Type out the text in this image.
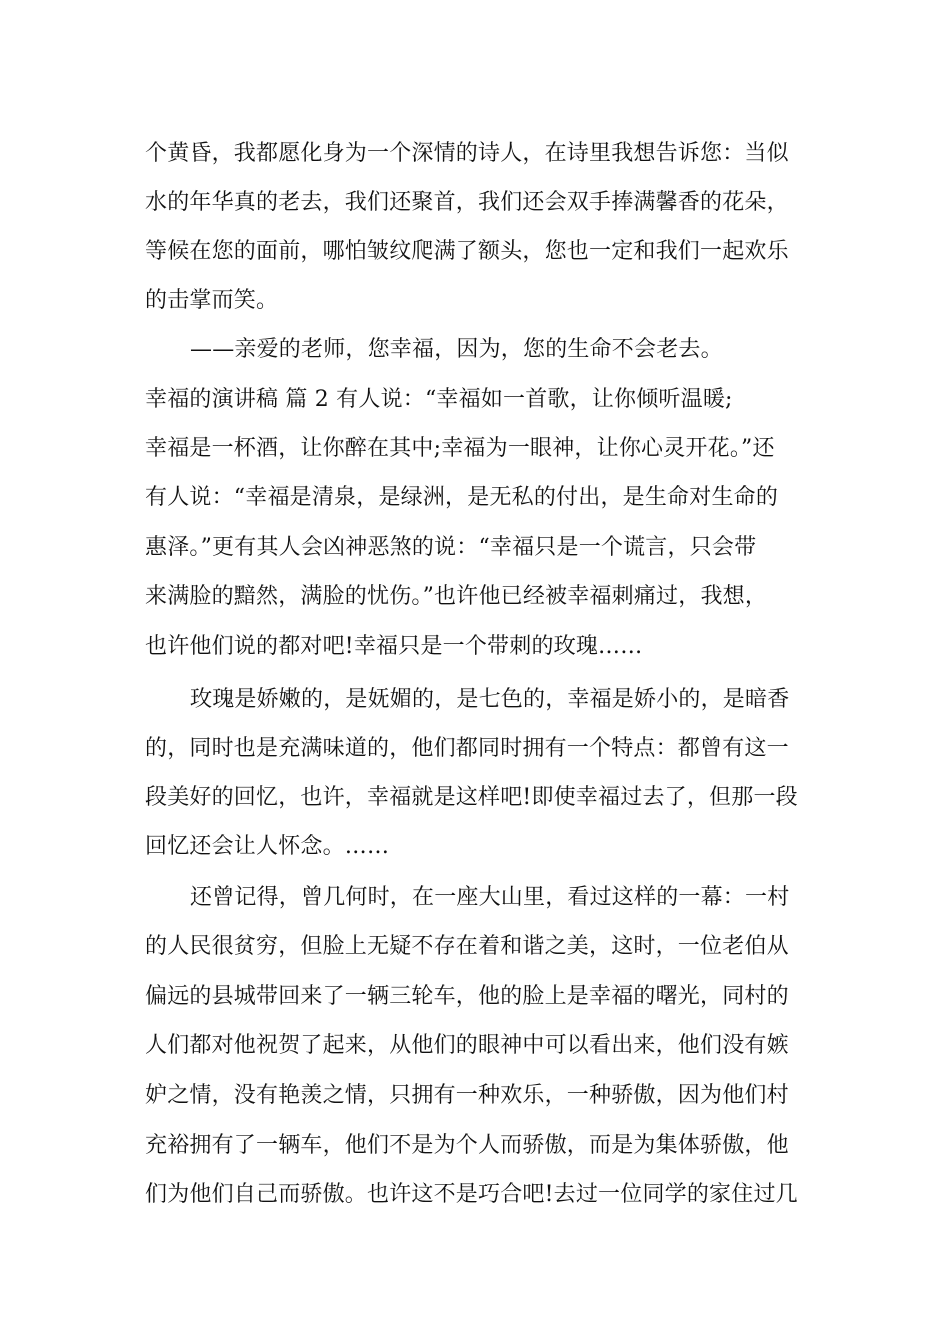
个黄昏，我都愿化身为一个深情的诗人，在诗里我想告诉您：当似
水的年华真的老去，我们还聚首，我们还会双手捧满馨香的花朵，
等候在您的面前，哪怕皱纹爬满了额头，您也一定和我们一起欢乐
的击掌而笑。
——亲爱的老师，您幸福，因为，您的生命不会老去。
幸福的演讲稿 篇 2 有人说：“幸福如一首歌，让你倾听温暖;
幸福是一杯酒，让你醉在其中;幸福为一眼神，让你心灵开花。”还
有人说：“幸福是清泉，是绿洲，是无私的付出，是生命对生命的
惠泽。”更有其人会凶神恶煞的说：“幸福只是一个谎言，只会带
来满脸的黯然，满脸的忧伤。”也许他已经被幸福刺痛过，我想，
也许他们说的都对吧!幸福只是一个带刺的玫瑰……
玫瑰是娇嫩的，是妩媚的，是七色的，幸福是娇小的，是暗香
的，同时也是充满味道的，他们都同时拥有一个特点：都曾有这一
段美好的回忆，也许，幸福就是这样吧!即使幸福过去了，但那一段
回忆还会让人怀念。……
还曾记得，曾几何时，在一座大山里，看过这样的一幕：一村
的人民很贫穷，但脸上无疑不存在着和谐之美，这时，一位老伯从
偏远的县城带回来了一辆三轮车，他的脸上是幸福的曙光，同村的
人们都对他祝贺了起来，从他们的眼神中可以看出来，他们没有嫉
妒之情，没有艳羡之情，只拥有一种欢乐，一种骄傲，因为他们村
充裕拥有了一辆车，他们不是为个人而骄傲，而是为集体骄傲，他
们为他们自己而骄傲。也许这不是巧合吧!去过一位同学的家住过几
